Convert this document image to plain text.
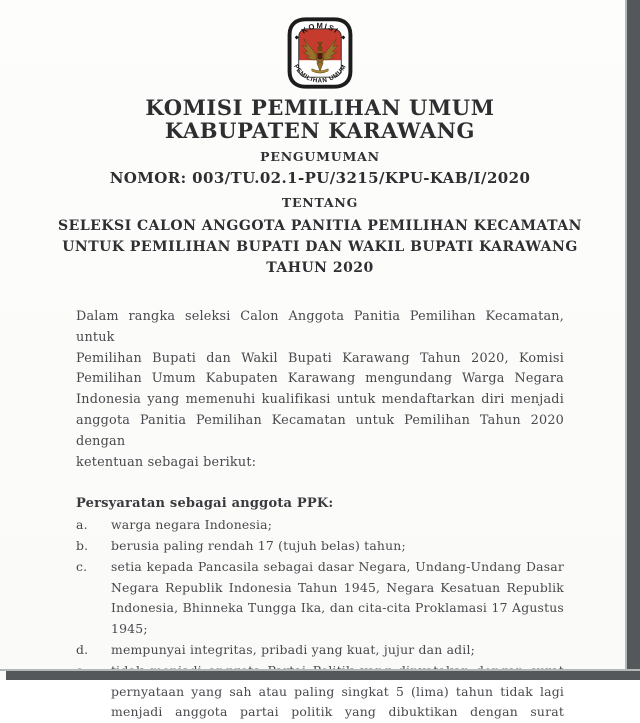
KOMISI
PEMILIHAN UMUM
KOMISI PEMILIHAN UMUM
KABUPATEN KARAWANG
PENGUMUMAN
NOMOR: 003/TU.02.1-PU/3215/KPU-KAB/I/2020
TENTANG
SELEKSI CALON ANGGOTA PANITIA PEMILIHAN KECAMATAN
UNTUK PEMILIHAN BUPATI DAN WAKIL BUPATI KARAWANG
TAHUN 2020
Dalam rangka seleksi Calon Anggota Panitia Pemilihan Kecamatan, untuk
Pemilihan Bupati dan Wakil Bupati Karawang Tahun 2020, Komisi
Pemilihan Umum Kabupaten Karawang mengundang Warga Negara
Indonesia yang memenuhi kualifikasi untuk mendaftarkan diri menjadi
anggota Panitia Pemilihan Kecamatan untuk Pemilihan Tahun 2020 dengan
ketentuan sebagai berikut:
Persyaratan sebagai anggota PPK:
a.	warga negara Indonesia;
b.	berusia paling rendah 17 (tujuh belas) tahun;
c.	setia kepada Pancasila sebagai dasar Negara, Undang-Undang Dasar
Negara Republik Indonesia Tahun 1945, Negara Kesatuan Republik
Indonesia, Bhinneka Tungga Ika, dan cita-cita Proklamasi 17 Agustus
1945;
d.	mempunyai integritas, pribadi yang kuat, jujur dan adil;
pernyataan yang sah atau paling singkat 5 (lima) tahun tidak lagi
menjadi anggota partai politik yang dibuktikan dengan surat
